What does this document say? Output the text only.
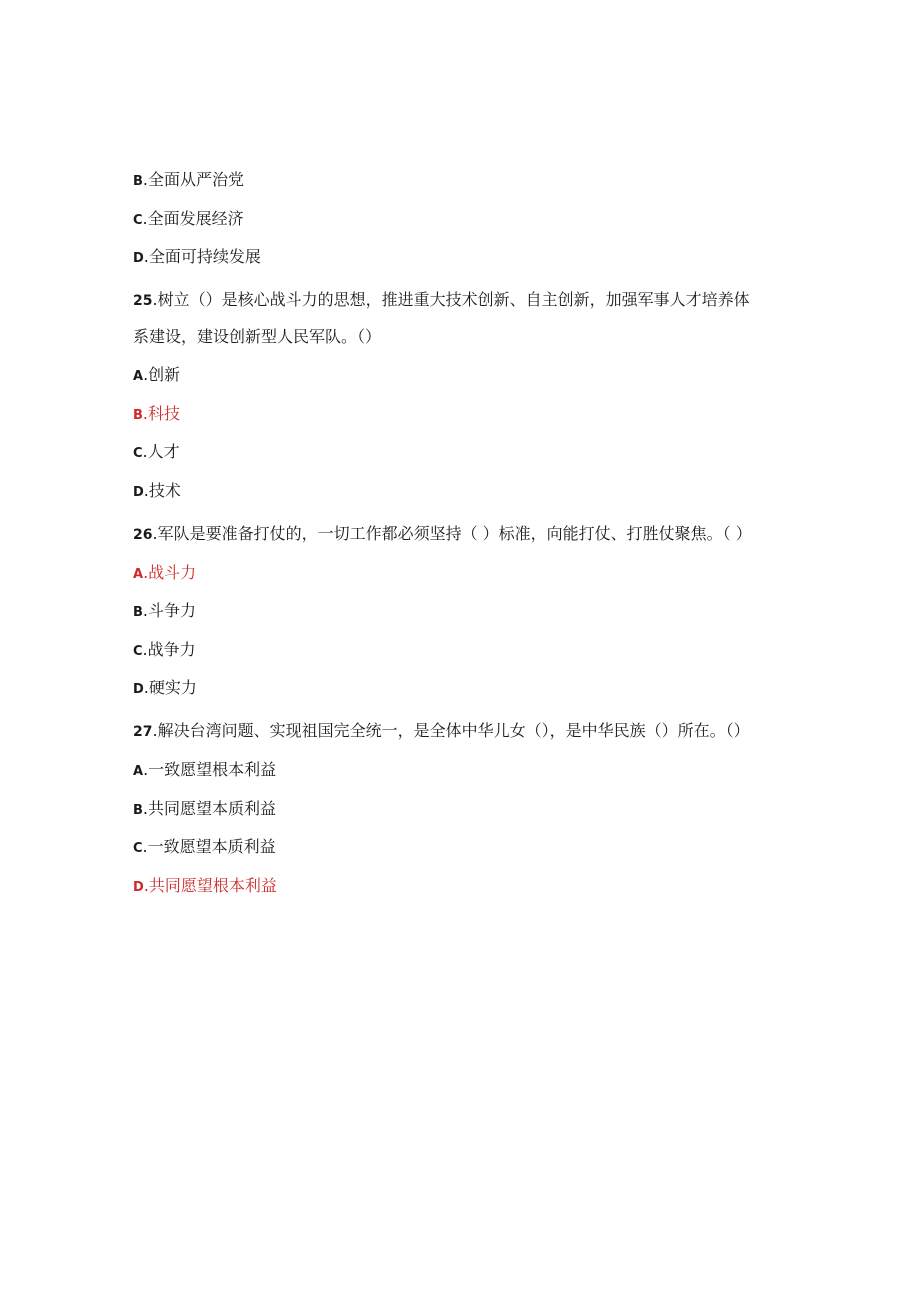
B.全面从严治党
C.全面发展经济
D.全面可持续发展
25.树立（）是核心战斗力的思想，推进重大技术创新、自主创新，加强军事人才培养体
系建设，建设创新型人民军队。（）
A.创新
B.科技
C.人才
D.技术
26.军队是要准备打仗的，一切工作都必须坚持（ ）标准，向能打仗、打胜仗聚焦。（ ）
A.战斗力
B.斗争力
C.战争力
D.硬实力
27.解决台湾问题、实现祖国完全统一，是全体中华儿女（），是中华民族（）所在。（）
A.一致愿望根本利益
B.共同愿望本质利益
C.一致愿望本质利益
D.共同愿望根本利益
